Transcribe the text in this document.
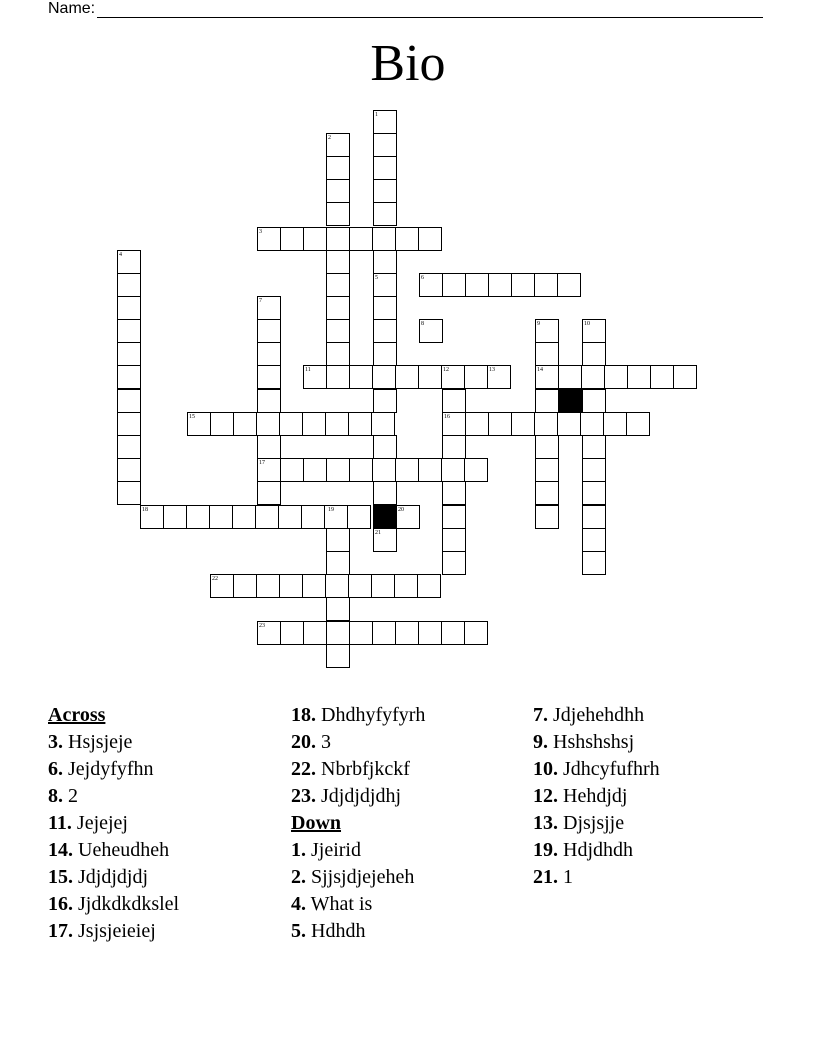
Name:
Bio
1
2
3
4
5	6
7
8	9	10
11	12	13	14
15	16
17
18	19	20
21
22
23
Across
3. Hsjsjeje
6. Jejdyfyfhn
8. 2
11. Jejejej
14. Ueheudheh
15. Jdjdjdjdj
16. Jjdkdkdkslel
17. Jsjsjeieiej
18. Dhdhyfyfyrh
20. 3
22. Nbrbfjkckf
23. Jdjdjdjdhj
Down
1. Jjeirid
2. Sjjsjdjejeheh
4. What is
5. Hdhdh
7. Jdjehehdhh
9. Hshshshsj
10. Jdhcyfufhrh
12. Hehdjdj
13. Djsjsjje
19. Hdjdhdh
21. 1
